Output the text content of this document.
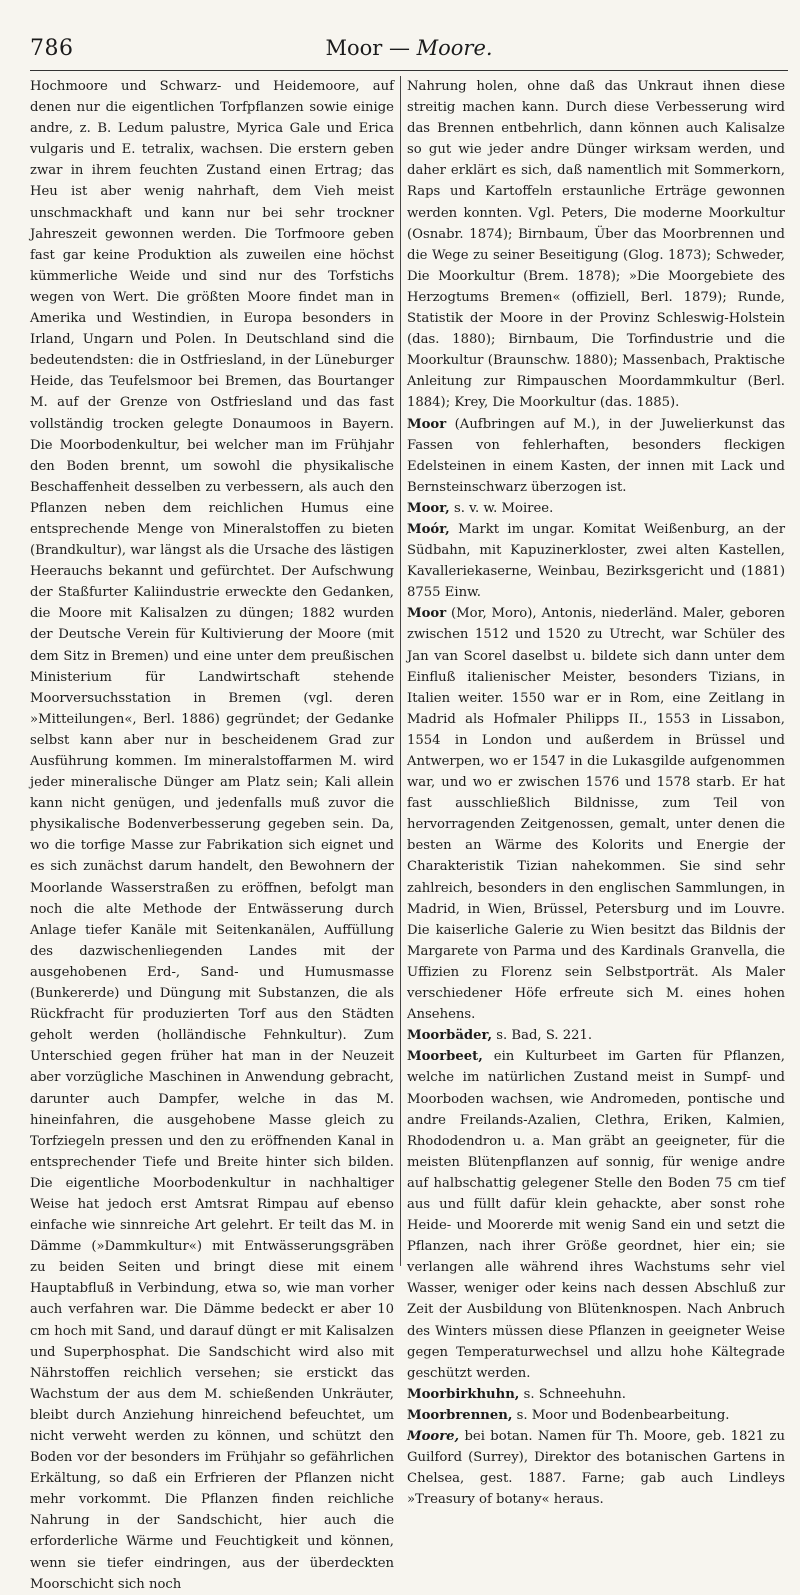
786	Moor — Moore.

Hochmoore und Schwarz- und Heidemoore, auf denen nur die eigentlichen Torfpflanzen sowie einige andre, z. B. Ledum palustre, Myrica Gale und Erica vulgaris und E. tetralix, wachsen. Die erstern geben zwar in ihrem feuchten Zustand einen Ertrag; das Heu ist aber wenig nahrhaft, dem Vieh meist unschmackhaft und kann nur bei sehr trockner Jahreszeit gewonnen werden. Die Torfmoore geben fast gar keine Produktion als zuweilen eine höchst kümmerliche Weide und sind nur des Torfstichs wegen von Wert. Die größten Moore findet man in Amerika und Westindien, in Europa besonders in Irland, Ungarn und Polen. In Deutschland sind die bedeutendsten: die in Ostfriesland, in der Lüneburger Heide, das Teufelsmoor bei Bremen, das Bourtanger M. auf der Grenze von Ostfriesland und das fast vollständig trocken gelegte Donaumoos in Bayern. Die Moorbodenkultur, bei welcher man im Frühjahr den Boden brennt, um sowohl die physikalische Beschaffenheit desselben zu verbessern, als auch den Pflanzen neben dem reichlichen Humus eine entsprechende Menge von Mineralstoffen zu bieten (Brandkultur), war längst als die Ursache des lästigen Heerauchs bekannt und gefürchtet. Der Aufschwung der Staßfurter Kaliindustrie erweckte den Gedanken, die Moore mit Kalisalzen zu düngen; 1882 wurden der Deutsche Verein für Kultivierung der Moore (mit dem Sitz in Bremen) und eine unter dem preußischen Ministerium für Landwirtschaft stehende Moorversuchsstation in Bremen (vgl. deren »Mitteilungen«, Berl. 1886) gegründet; der Gedanke selbst kann aber nur in bescheidenem Grad zur Ausführung kommen. Im mineralstoffarmen M. wird jeder mineralische Dünger am Platz sein; Kali allein kann nicht genügen, und jedenfalls muß zuvor die physikalische Bodenverbesserung gegeben sein. Da, wo die torfige Masse zur Fabrikation sich eignet und es sich zunächst darum handelt, den Bewohnern der Moorlande Wasserstraßen zu eröffnen, befolgt man noch die alte Methode der Entwässerung durch Anlage tiefer Kanäle mit Seitenkanälen, Auffüllung des dazwischenliegenden Landes mit der ausgehobenen Erd-, Sand- und Humusmasse (Bunkererde) und Düngung mit Substanzen, die als Rückfracht für produzierten Torf aus den Städten geholt werden (holländische Fehnkultur). Zum Unterschied gegen früher hat man in der Neuzeit aber vorzügliche Maschinen in Anwendung gebracht, darunter auch Dampfer, welche in das M. hineinfahren, die ausgehobene Masse gleich zu Torfziegeln pressen und den zu eröffnenden Kanal in entsprechender Tiefe und Breite hinter sich bilden. Die eigentliche Moorbodenkultur in nachhaltiger Weise hat jedoch erst Amtsrat Rimpau auf ebenso einfache wie sinnreiche Art gelehrt. Er teilt das M. in Dämme (»Dammkultur«) mit Entwässerungsgräben zu beiden Seiten und bringt diese mit einem Hauptabfluß in Verbindung, etwa so, wie man vorher auch verfahren war. Die Dämme bedeckt er aber 10 cm hoch mit Sand, und darauf düngt er mit Kalisalzen und Superphosphat. Die Sandschicht wird also mit Nährstoffen reichlich versehen; sie erstickt das Wachstum der aus dem M. schießenden Unkräuter, bleibt durch Anziehung hinreichend befeuchtet, um nicht verweht werden zu können, und schützt den Boden vor der besonders im Frühjahr so gefährlichen Erkältung, so daß ein Erfrieren der Pflanzen nicht mehr vorkommt. Die Pflanzen finden reichliche Nahrung in der Sandschicht, hier auch die erforderliche Wärme und Feuchtigkeit und können, wenn sie tiefer eindringen, aus der überdeckten Moorschicht sich noch

Nahrung holen, ohne daß das Unkraut ihnen diese streitig machen kann. Durch diese Verbesserung wird das Brennen entbehrlich, dann können auch Kalisalze so gut wie jeder andre Dünger wirksam werden, und daher erklärt es sich, daß namentlich mit Sommerkorn, Raps und Kartoffeln erstaunliche Erträge gewonnen werden konnten. Vgl. Peters, Die moderne Moorkultur (Osnabr. 1874); Birnbaum, Über das Moorbrennen und die Wege zu seiner Beseitigung (Glog. 1873); Schweder, Die Moorkultur (Brem. 1878); »Die Moorgebiete des Herzogtums Bremen« (offiziell, Berl. 1879); Runde, Statistik der Moore in der Provinz Schleswig-Holstein (das. 1880); Birnbaum, Die Torfindustrie und die Moorkultur (Braunschw. 1880); Massenbach, Praktische Anleitung zur Rimpauschen Moordammkultur (Berl. 1884); Krey, Die Moorkultur (das. 1885).

Moor (Aufbringen auf M.), in der Juwelierkunst das Fassen von fehlerhaften, besonders fleckigen Edelsteinen in einem Kasten, der innen mit Lack und Bernsteinschwarz überzogen ist.

Moor, s. v. w. Moiree.

Moór, Markt im ungar. Komitat Weißenburg, an der Südbahn, mit Kapuzinerkloster, zwei alten Kastellen, Kavalleriekaserne, Weinbau, Bezirksgericht und (1881) 8755 Einw.

Moor (Mor, Moro), Antonis, niederländ. Maler, geboren zwischen 1512 und 1520 zu Utrecht, war Schüler des Jan van Scorel daselbst u. bildete sich dann unter dem Einfluß italienischer Meister, besonders Tizians, in Italien weiter. 1550 war er in Rom, eine Zeitlang in Madrid als Hofmaler Philipps II., 1553 in Lissabon, 1554 in London und außerdem in Brüssel und Antwerpen, wo er 1547 in die Lukasgilde aufgenommen war, und wo er zwischen 1576 und 1578 starb. Er hat fast ausschließlich Bildnisse, zum Teil von hervorragenden Zeitgenossen, gemalt, unter denen die besten an Wärme des Kolorits und Energie der Charakteristik Tizian nahekommen. Sie sind sehr zahlreich, besonders in den englischen Sammlungen, in Madrid, in Wien, Brüssel, Petersburg und im Louvre. Die kaiserliche Galerie zu Wien besitzt das Bildnis der Margarete von Parma und des Kardinals Granvella, die Uffizien zu Florenz sein Selbstporträt. Als Maler verschiedener Höfe erfreute sich M. eines hohen Ansehens.

Moorbäder, s. Bad, S. 221.

Moorbeet, ein Kulturbeet im Garten für Pflanzen, welche im natürlichen Zustand meist in Sumpf- und Moorboden wachsen, wie Andromeden, pontische und andre Freilands-Azalien, Clethra, Eriken, Kalmien, Rhododendron u. a. Man gräbt an geeigneter, für die meisten Blütenpflanzen auf sonnig, für wenige andre auf halbschattig gelegener Stelle den Boden 75 cm tief aus und füllt dafür klein gehackte, aber sonst rohe Heide- und Moorerde mit wenig Sand ein und setzt die Pflanzen, nach ihrer Größe geordnet, hier ein; sie verlangen alle während ihres Wachstums sehr viel Wasser, weniger oder keins nach dessen Abschluß zur Zeit der Ausbildung von Blütenknospen. Nach Anbruch des Winters müssen diese Pflanzen in geeigneter Weise gegen Temperaturwechsel und allzu hohe Kältegrade geschützt werden.

Moorbirkhuhn, s. Schneehuhn.

Moorbrennen, s. Moor und Bodenbearbeitung.

Moore, bei botan. Namen für Th. Moore, geb. 1821 zu Guilford (Surrey), Direktor des botanischen Gartens in Chelsea, gest. 1887. Farne; gab auch Lindleys »Treasury of botany« heraus.
